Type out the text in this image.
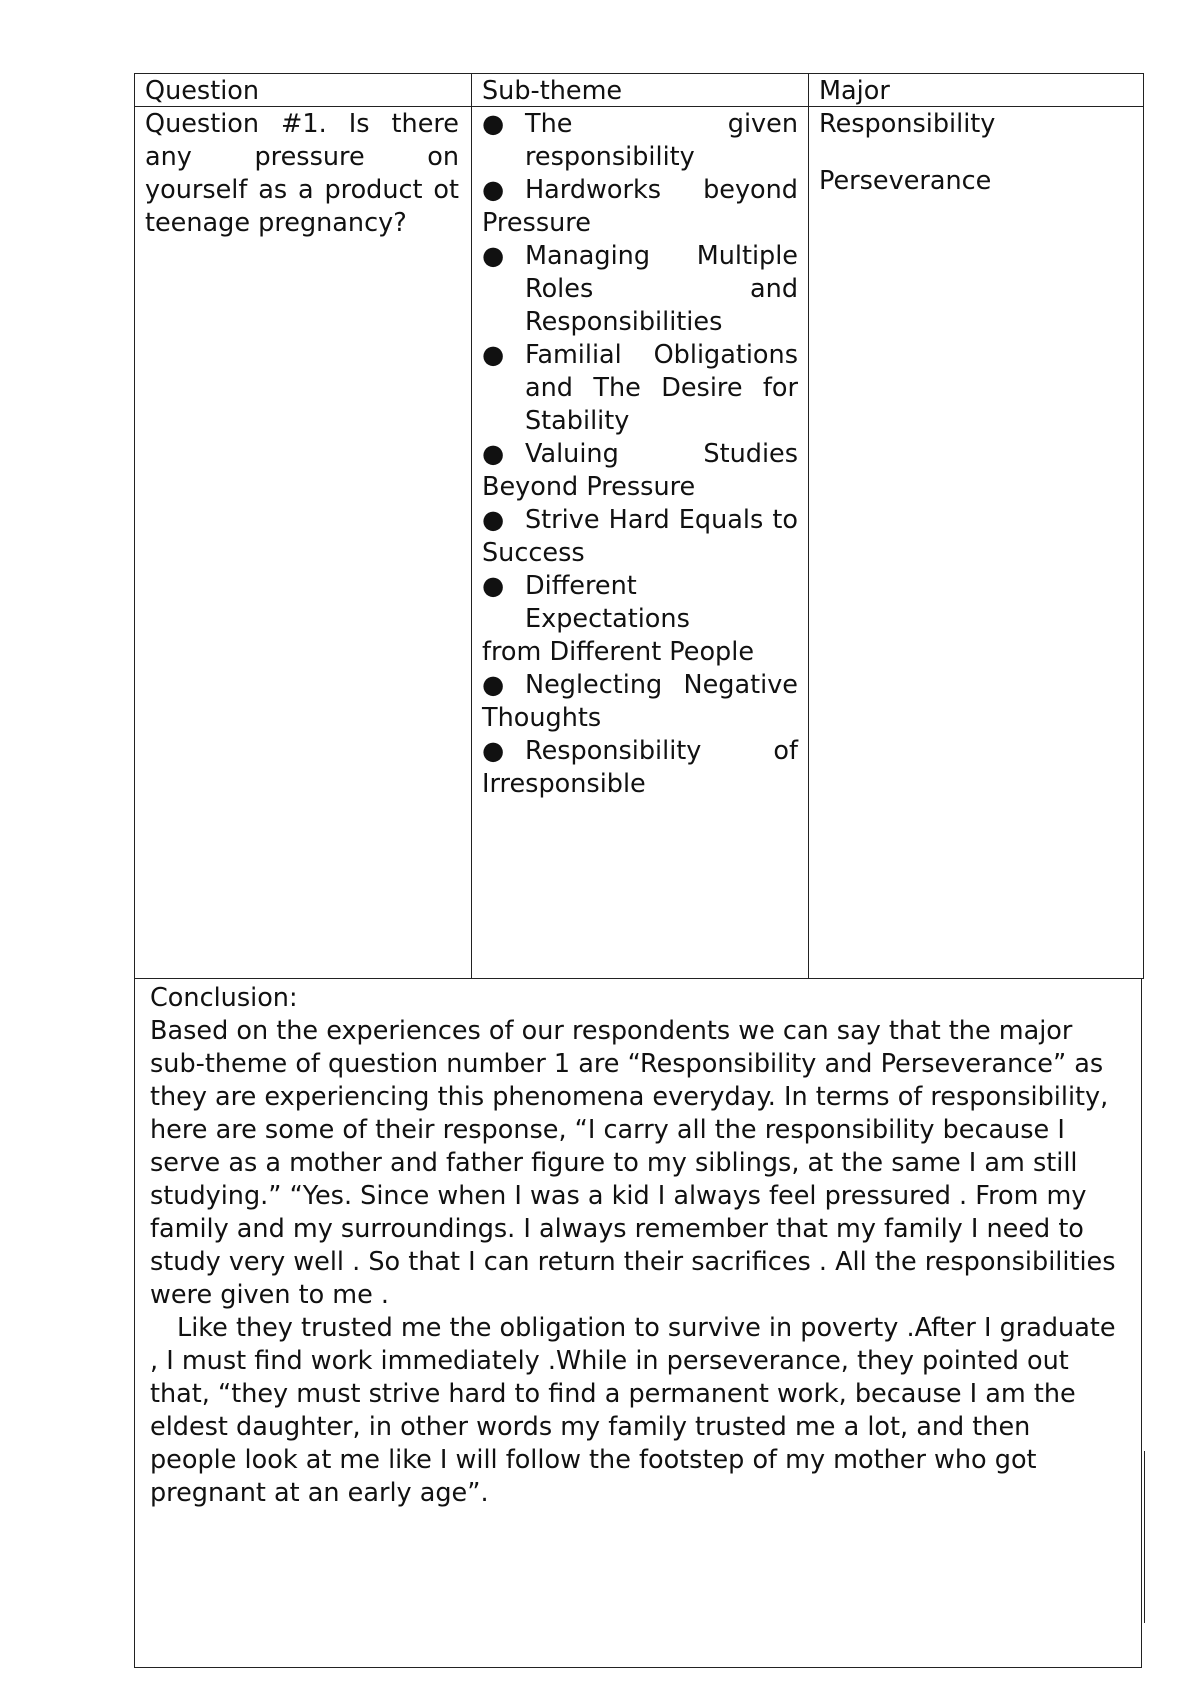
Question	Sub-theme	Major
Question #1. Is there any pressure on yourself as a product ot teenage pregnancy?
● The given responsibility
● Hardworks beyond Pressure
● Managing Multiple Roles and Responsibilities
● Familial Obligations and The Desire for Stability
● Valuing Studies Beyond Pressure
● Strive Hard Equals to Success
● Different Expectations
from Different People
● Neglecting Negative Thoughts
● Responsibility of Irresponsible

Responsibility

Perseverance

Conclusion:

Based on the experiences of our respondents we can say that the major sub-theme of question number 1 are “Responsibility and Perseverance” as they are experiencing this phenomena everyday. In terms of responsibility, here are some of their response, “I carry all the responsibility because I serve as a mother and father figure to my siblings, at the same I am still studying.” “Yes. Since when I was a kid I always feel pressured . From my family and my surroundings. I always remember that my family I need to study very well . So that I can return their sacrifices . All the responsibilities were given to me .

Like they trusted me the obligation to survive in poverty .After I graduate , I must find work immediately .While in perseverance, they pointed out that, “they must strive hard to find a permanent work, because I am the eldest daughter, in other words my family trusted me a lot, and then people look at me like I will follow the footstep of my mother who got pregnant at an early age”.
